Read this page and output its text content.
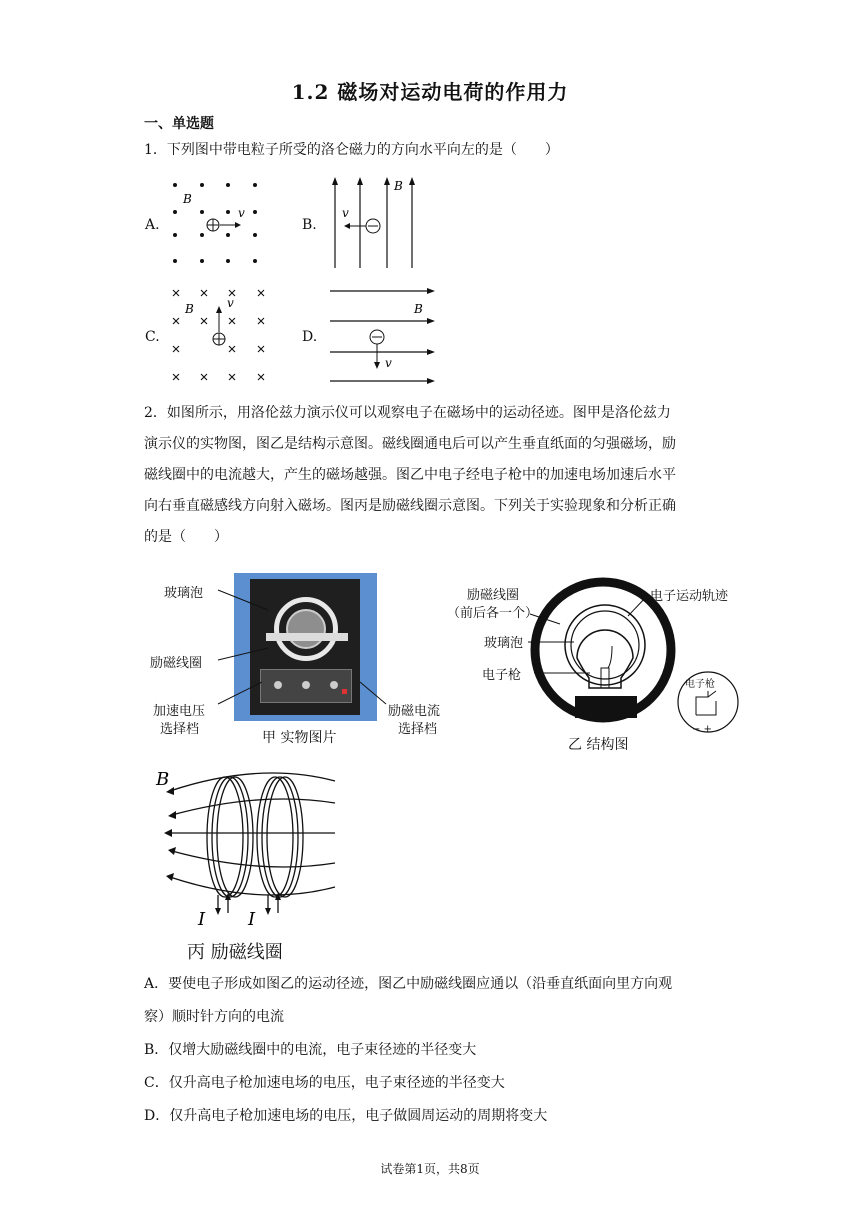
1.2 磁场对运动电荷的作用力
一、单选题
1．下列图中带电粒子所受的洛仑磁力的方向水平向左的是（　　）
A.	B.
C.	D.
B
v
B
v
B	v	B
v
2．如图所示，用洛伦兹力演示仪可以观察电子在磁场中的运动径迹。图甲是洛伦兹力
演示仪的实物图，图乙是结构示意图。磁线圈通电后可以产生垂直纸面的匀强磁场，励
磁线圈中的电流越大，产生的磁场越强。图乙中电子经电子枪中的加速电场加速后水平
向右垂直磁感线方向射入磁场。图丙是励磁线圈示意图。下列关于实验现象和分析正确
的是（　　）
玻璃泡
励磁线圈
加速电压
选择档
励磁电流
选择档
甲 实物图片
励磁线圈
（前后各一个）
电子运动轨迹
玻璃泡
电子枪
电子枪
− +
乙 结构图
B
I I
丙 励磁线圈
A．要使电子形成如图乙的运动径迹，图乙中励磁线圈应通以（沿垂直纸面向里方向观
察）顺时针方向的电流
B．仅增大励磁线圈中的电流，电子束径迹的半径变大
C．仅升高电子枪加速电场的电压，电子束径迹的半径变大
D．仅升高电子枪加速电场的电压，电子做圆周运动的周期将变大
试卷第1页，共8页
